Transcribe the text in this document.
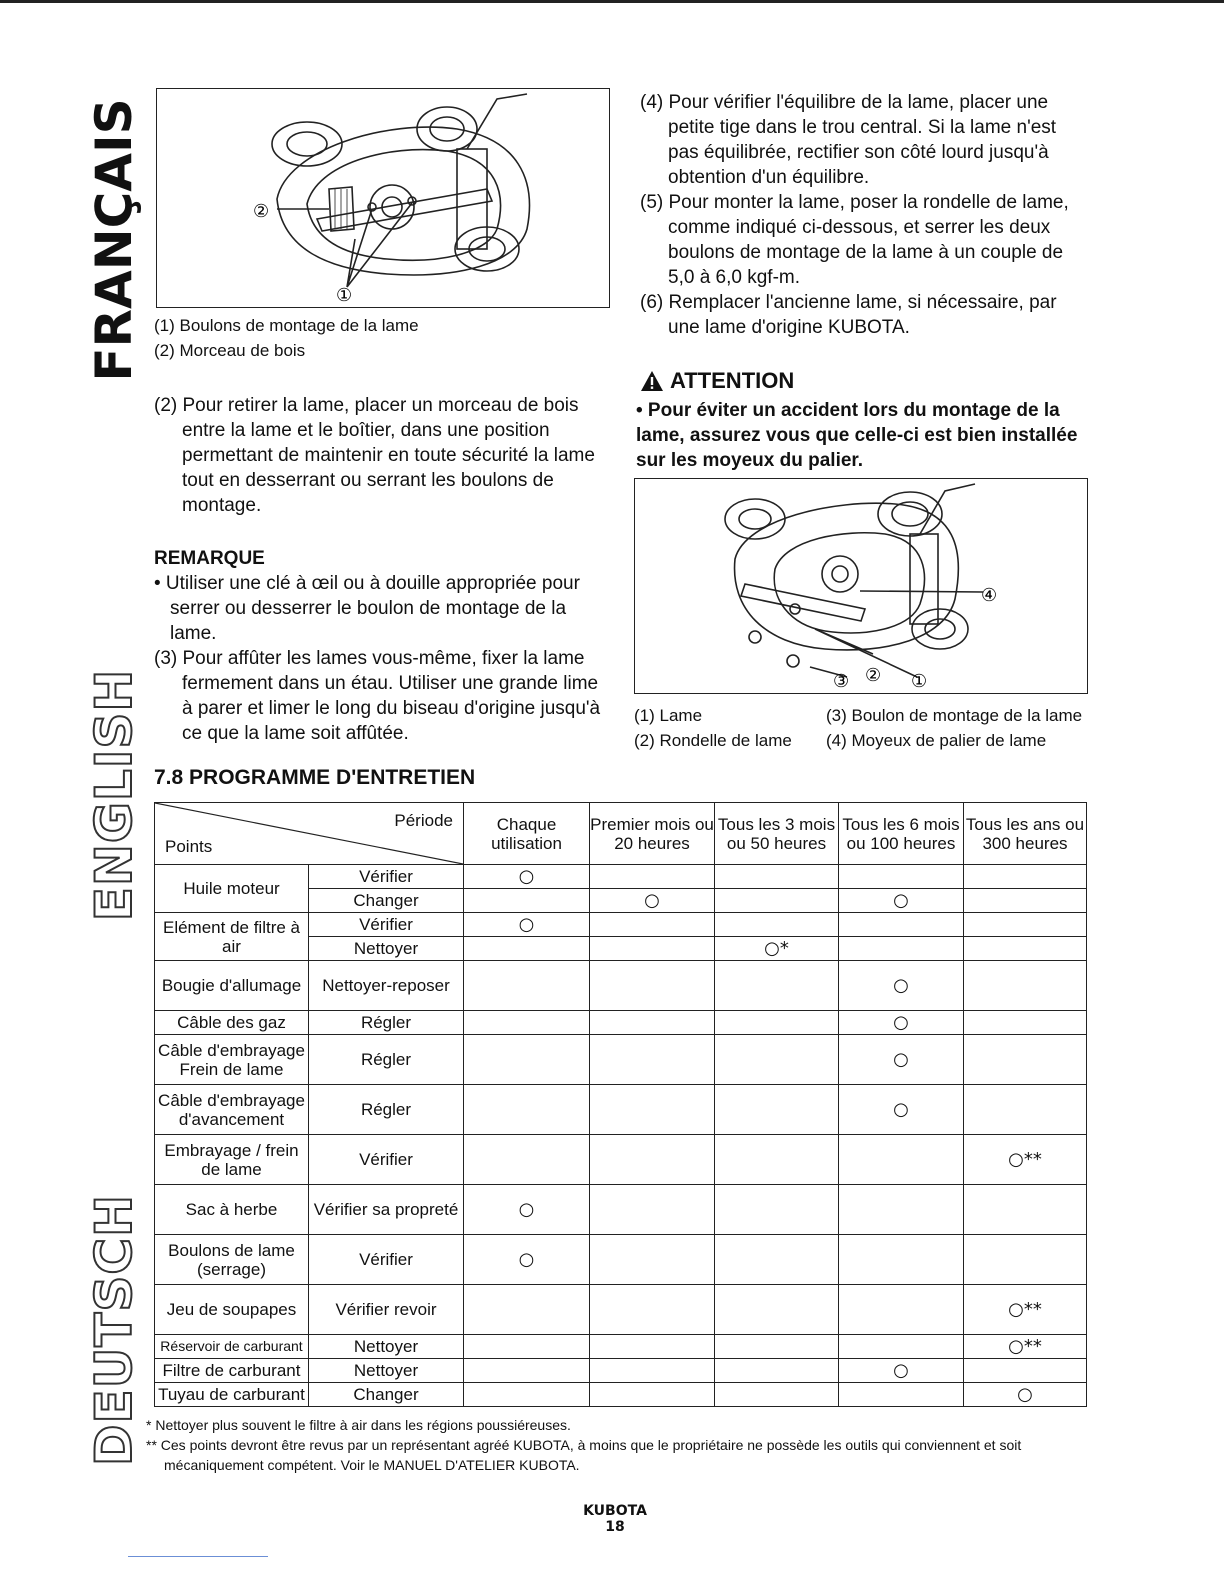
FRANÇAIS
ENGLISH
DEUTSCH
②
①
(1) Boulons de montage de la lame
(2) Morceau de bois
(2) Pour retirer la lame, placer un morceau de bois entre la lame et le boîtier, dans une position permettant de maintenir en toute sécurité la lame tout en desserrant ou serrant les boulons de montage.
REMARQUE
• Utiliser une clé à œil ou à douille appropriée pour serrer ou desserrer le boulon de montage de la lame.
(3) Pour affûter les lames vous-même, fixer la lame fermement dans un étau. Utiliser une grande lime à parer et limer le long du biseau d'origine jusqu'à ce que la lame soit affûtée.
(4) Pour vérifier l'équilibre de la lame, placer une petite tige dans le trou central. Si la lame n'est pas équilibrée, rectifier son côté lourd jusqu'à obtention d'un équilibre.
(5) Pour monter la lame, poser la rondelle de lame, comme indiqué ci-dessous, et serrer les deux boulons de montage de la lame à un couple de 5,0 à 6,0 kgf-m.
(6) Remplacer l'ancienne lame, si nécessaire, par une lame d'origine KUBOTA.
ATTENTION
• Pour éviter un accident lors du montage de la lame, assurez vous que celle-ci est bien installée sur les moyeux du palier.
④
③ ② ①
(1) Lame
(2) Rondelle de lame
(3) Boulon de montage de la lame
(4) Moyeux de palier de lame
7.8 PROGRAMME D'ENTRETIEN
Période
Points		Chaque utilisation	Premier mois ou 20 heures	Tous les 3 mois ou 50 heures	Tous les 6 mois ou 100 heures	Tous les ans ou 300 heures
Huile moteur	Vérifier	○				
	Changer		○		○	
Elément de filtre à air	Vérifier	○				
	Nettoyer			○*		
Bougie d'allumage	Nettoyer-reposer				○	
Câble des gaz	Régler				○	
Câble d'embrayage Frein de lame	Régler				○	
Câble d'embrayage d'avancement	Régler				○	
Embrayage / frein de lame	Vérifier					○**
Sac à herbe	Vérifier sa propreté	○				
Boulons de lame (serrage)	Vérifier	○				
Jeu de soupapes	Vérifier revoir					○**
Réservoir de carburant	Nettoyer					○**
Filtre de carburant	Nettoyer				○	
Tuyau de carburant	Changer					○
* Nettoyer plus souvent le filtre à air dans les régions poussiéreuses.
** Ces points devront être revus par un représentant agréé KUBOTA, à moins que le propriétaire ne possède les outils qui conviennent et soit mécaniquement compétent. Voir le MANUEL D'ATELIER KUBOTA.
KUBOTA
18
